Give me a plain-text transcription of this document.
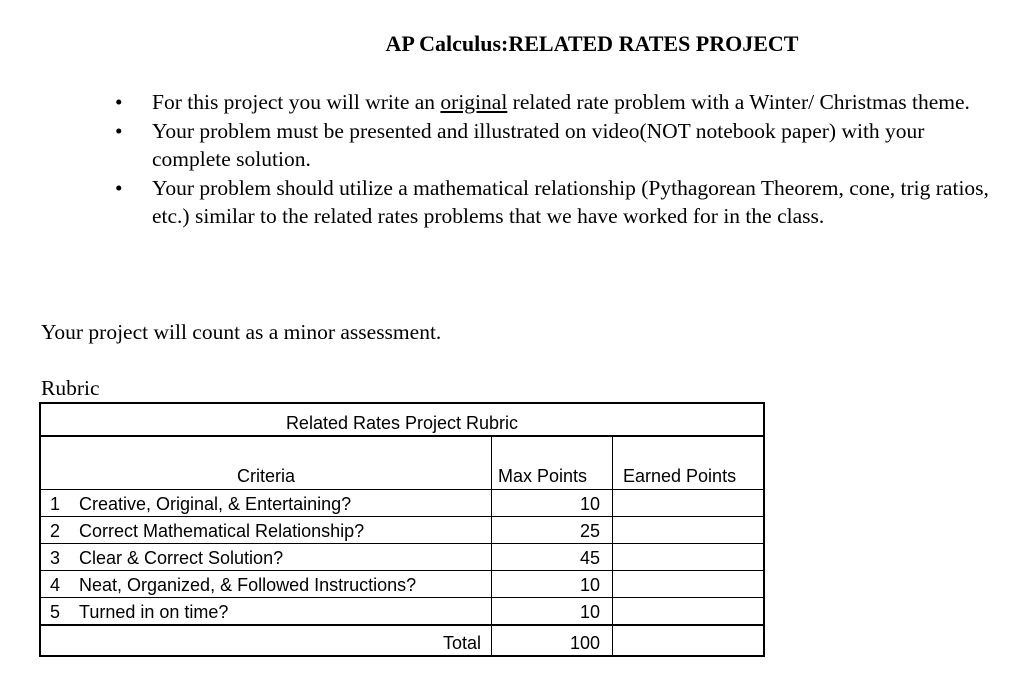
AP Calculus:RELATED RATES PROJECT
• For this project you will write an original related rate problem with a Winter/ Christmas theme.
• Your problem must be presented and illustrated on video(NOT notebook paper) with your complete solution.
• Your problem should utilize a mathematical relationship (Pythagorean Theorem, cone, trig ratios, etc.) similar to the related rates problems that we have worked for in the class.
Your project will count as a minor assessment.
Rubric
Related Rates Project Rubric			
Criteria		Max Points	Earned Points
1	Creative, Original, & Entertaining?	10	
2	Correct Mathematical Relationship?	25	
3	Clear & Correct Solution?	45	
4	Neat, Organized, & Followed Instructions?	10	
5	Turned in on time?	10	
Total		100	
